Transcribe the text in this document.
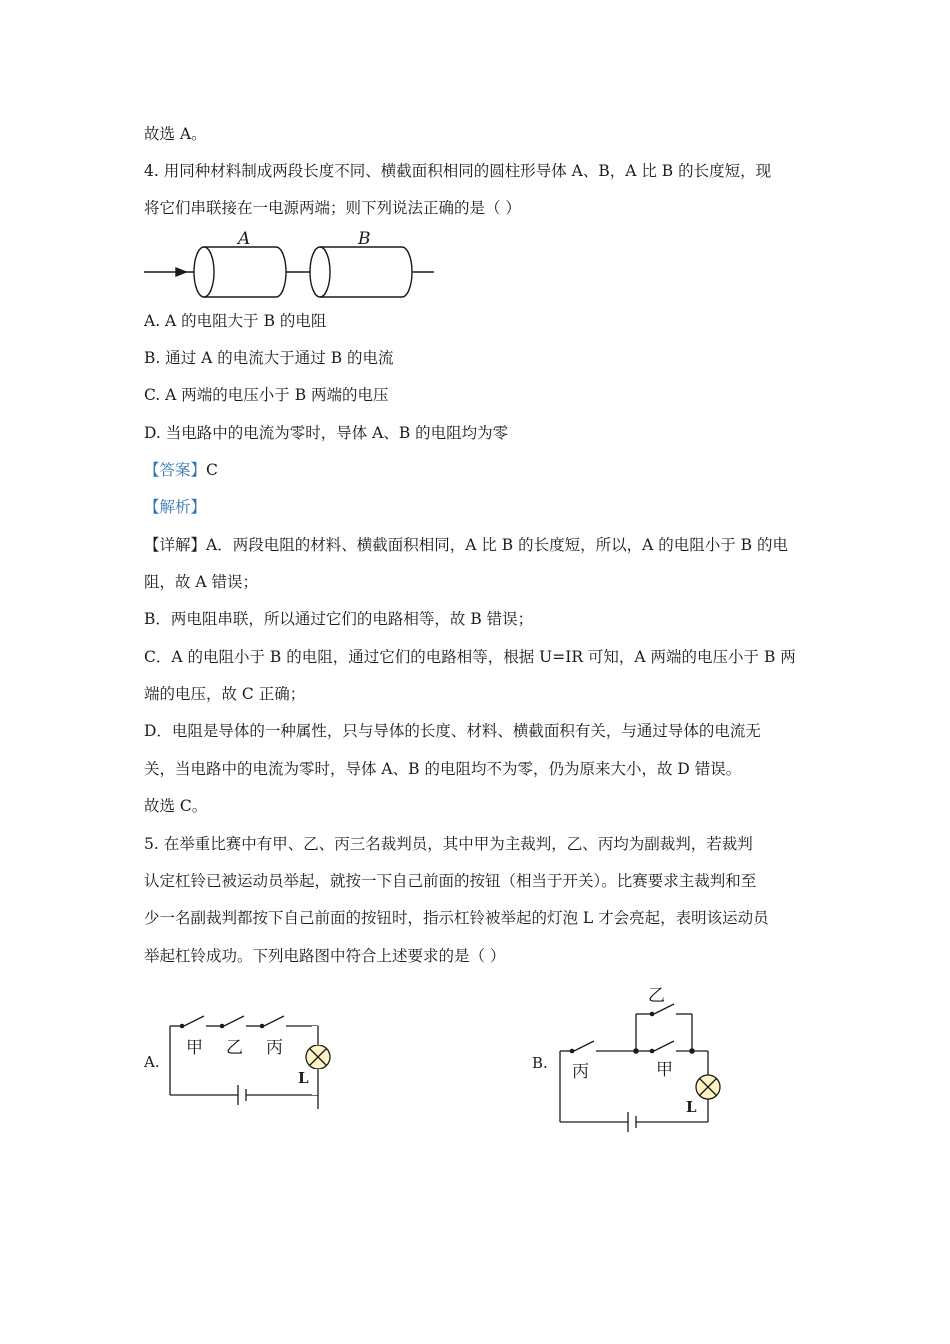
故选 A。
4. 用同种材料制成两段长度不同、横截面积相同的圆柱形导体 A、B，A 比 B 的长度短，现
将它们串联接在一电源两端；则下列说法正确的是（ ）
A	B
A. A 的电阻大于 B 的电阻
B. 通过 A 的电流大于通过 B 的电流
C. A 两端的电压小于 B 两端的电压
D. 当电路中的电流为零时，导体 A、B 的电阻均为零
【答案】C
【解析】
【详解】A．两段电阻的材料、横截面积相同，A 比 B 的长度短，所以，A 的电阻小于 B 的电
阻，故 A 错误；
B．两电阻串联，所以通过它们的电路相等，故 B 错误；
C．A 的电阻小于 B 的电阻，通过它们的电路相等，根据 U=IR 可知，A 两端的电压小于 B 两
端的电压，故 C 正确；
D．电阻是导体的一种属性，只与导体的长度、材料、横截面积有关，与通过导体的电流无
关，当电路中的电流为零时，导体 A、B 的电阻均不为零，仍为原来大小，故 D 错误。
故选 C。
5. 在举重比赛中有甲、乙、丙三名裁判员，其中甲为主裁判，乙、丙均为副裁判，若裁判
认定杠铃已被运动员举起，就按一下自己前面的按钮（相当于开关）。比赛要求主裁判和至
少一名副裁判都按下自己前面的按钮时，指示杠铃被举起的灯泡 L 才会亮起，表明该运动员
举起杠铃成功。下列电路图中符合上述要求的是（ ）
A.
甲 乙 丙
L
B.
乙
丙	甲
L
